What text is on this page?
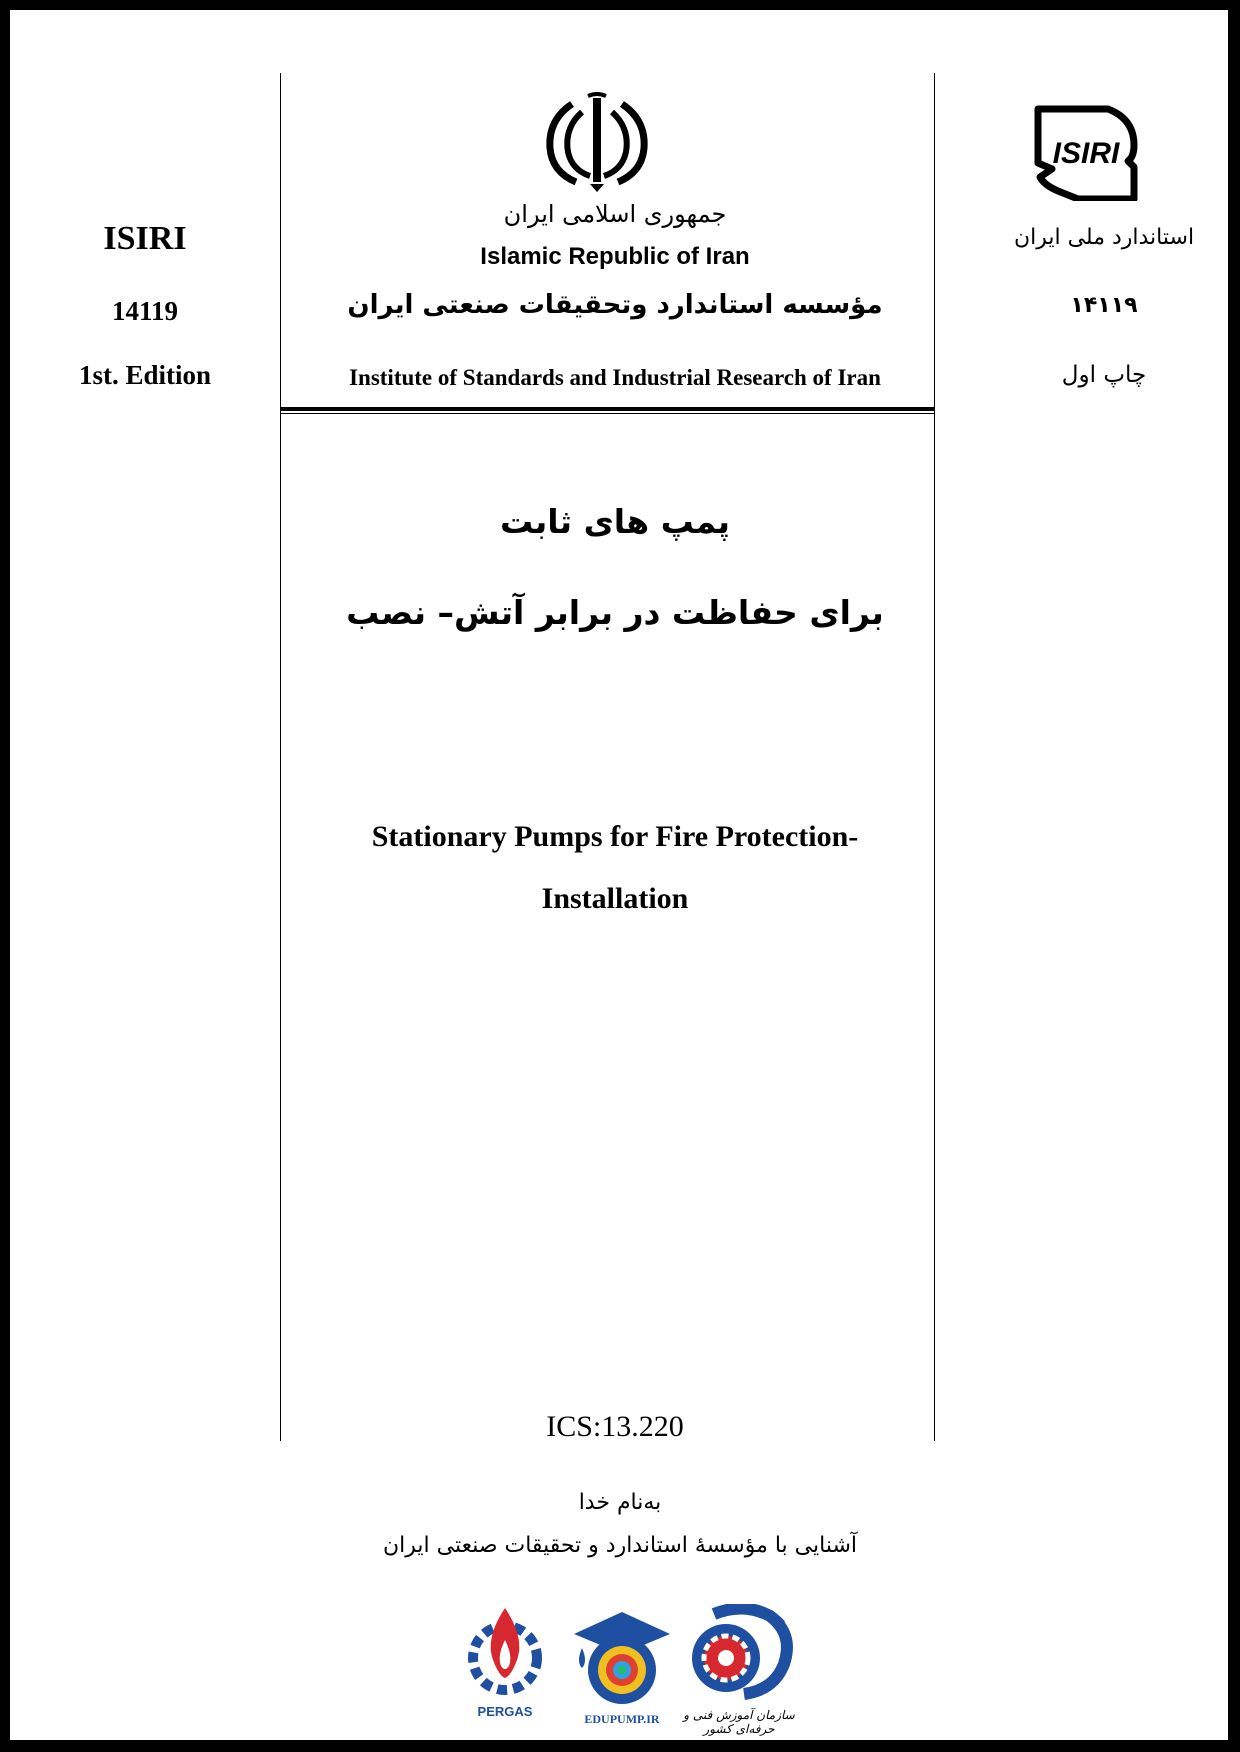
ISIRI
14119
1st. Edition
ISIRI
استاندارد ملی ایران
۱۴۱۱۹
چاپ اول
جمهوری اسلامی ایران
Islamic Republic of Iran
مؤسسه استاندارد وتحقیقات صنعتی ایران
Institute of Standards and Industrial Research of Iran
پمپ های ثابت
برای حفاظت در برابر آتش– نصب
Stationary Pumps for Fire Protection-
Installation
ICS:13.220
به‌نام خدا
آشنایی با مؤسسهٔ استاندارد و تحقیقات صنعتی ایران
PERGAS	EDUPUMP.IR	سازمان آموزش فنی و حرفه‌ای کشور
